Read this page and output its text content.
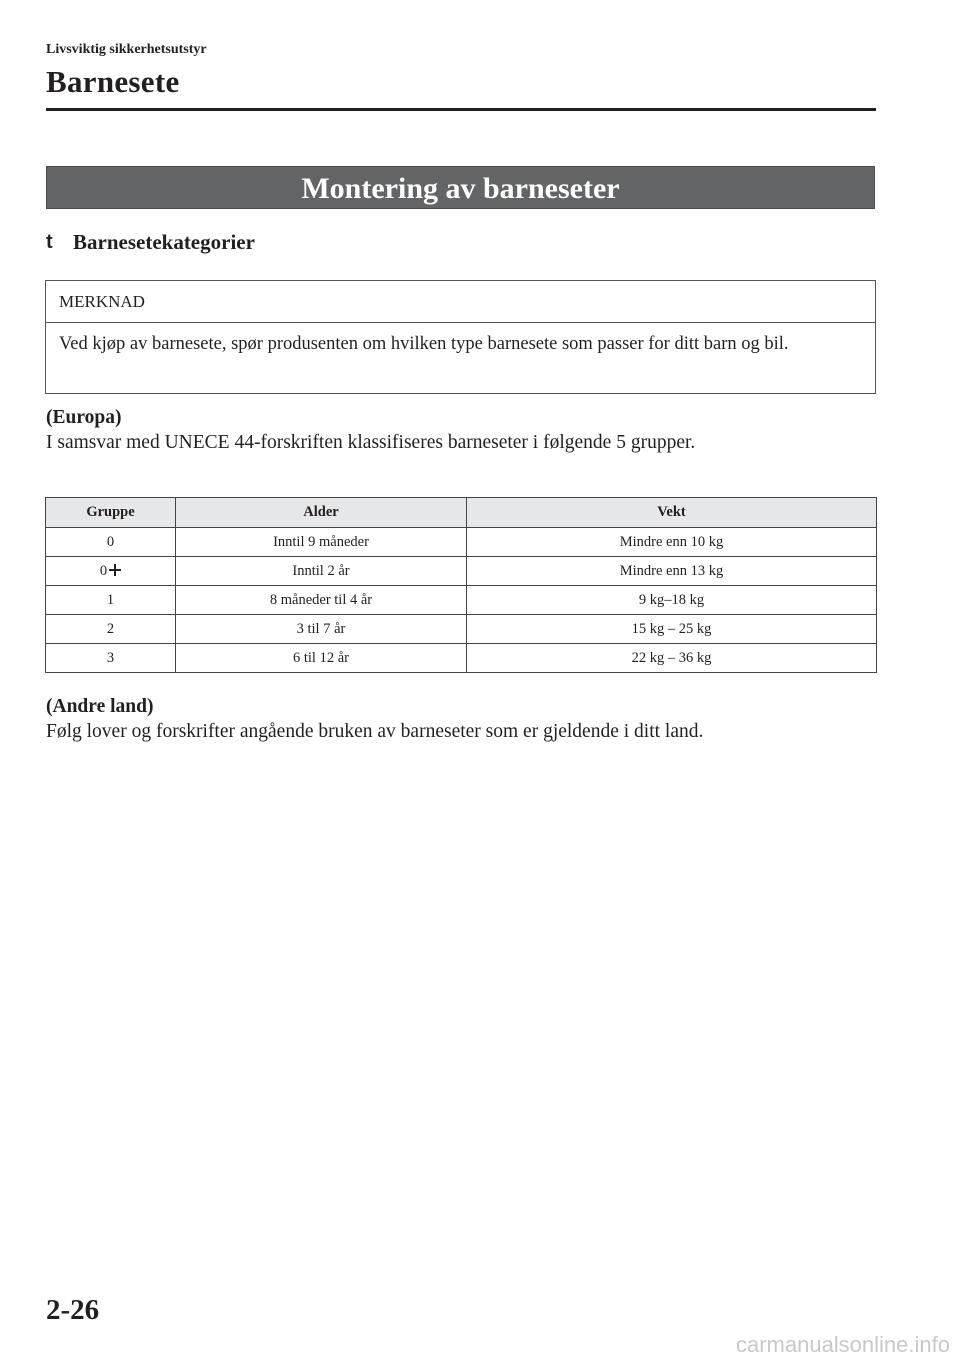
Livsviktig sikkerhetsutstyr
Barnesete
Montering av barneseter
t Barnesetekategorier
MERKNAD
Ved kjøp av barnesete, spør produsenten om hvilken type barnesete som passer for ditt barn og bil.
(Europa)
I samsvar med UNECE 44-forskriften klassifiseres barneseter i følgende 5 grupper.
Gruppe	Alder	Vekt
0	Inntil 9 måneder	Mindre enn 10 kg
0	Inntil 2 år	Mindre enn 13 kg
1	8 måneder til 4 år	9 kg–18 kg
2	3 til 7 år	15 kg – 25 kg
3	6 til 12 år	22 kg – 36 kg
(Andre land)
Følg lover og forskrifter angående bruken av barneseter som er gjeldende i ditt land.
2-26
carmanualsonline.info
